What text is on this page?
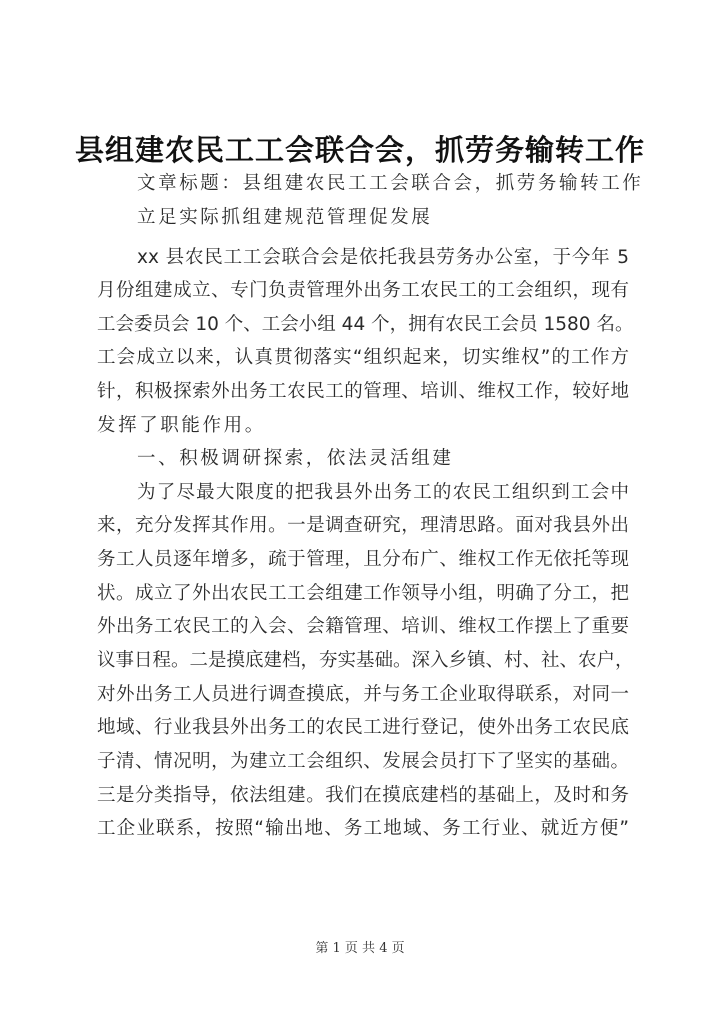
县组建农民工工会联合会，抓劳务输转工作
文章标题：县组建农民工工会联合会，抓劳务输转工作
立足实际抓组建规范管理促发展
xx 县农民工工会联合会是依托我县劳务办公室，于今年 5
月份组建成立、专门负责管理外出务工农民工的工会组织，现有
工会委员会 10 个、工会小组 44 个，拥有农民工会员 1580 名。
工会成立以来，认真贯彻落实“组织起来，切实维权”的工作方
针，积极探索外出务工农民工的管理、培训、维权工作，较好地
发挥了职能作用。
一、积极调研探索，依法灵活组建
为了尽最大限度的把我县外出务工的农民工组织到工会中
来，充分发挥其作用。一是调查研究，理清思路。面对我县外出
务工人员逐年增多，疏于管理，且分布广、维权工作无依托等现
状。成立了外出农民工工会组建工作领导小组，明确了分工，把
外出务工农民工的入会、会籍管理、培训、维权工作摆上了重要
议事日程。二是摸底建档，夯实基础。深入乡镇、村、社、农户，
对外出务工人员进行调查摸底，并与务工企业取得联系，对同一
地域、行业我县外出务工的农民工进行登记，使外出务工农民底
子清、情况明，为建立工会组织、发展会员打下了坚实的基础。
三是分类指导，依法组建。我们在摸底建档的基础上，及时和务
工企业联系，按照“输出地、务工地域、务工行业、就近方便”
第 1 页 共 4 页
